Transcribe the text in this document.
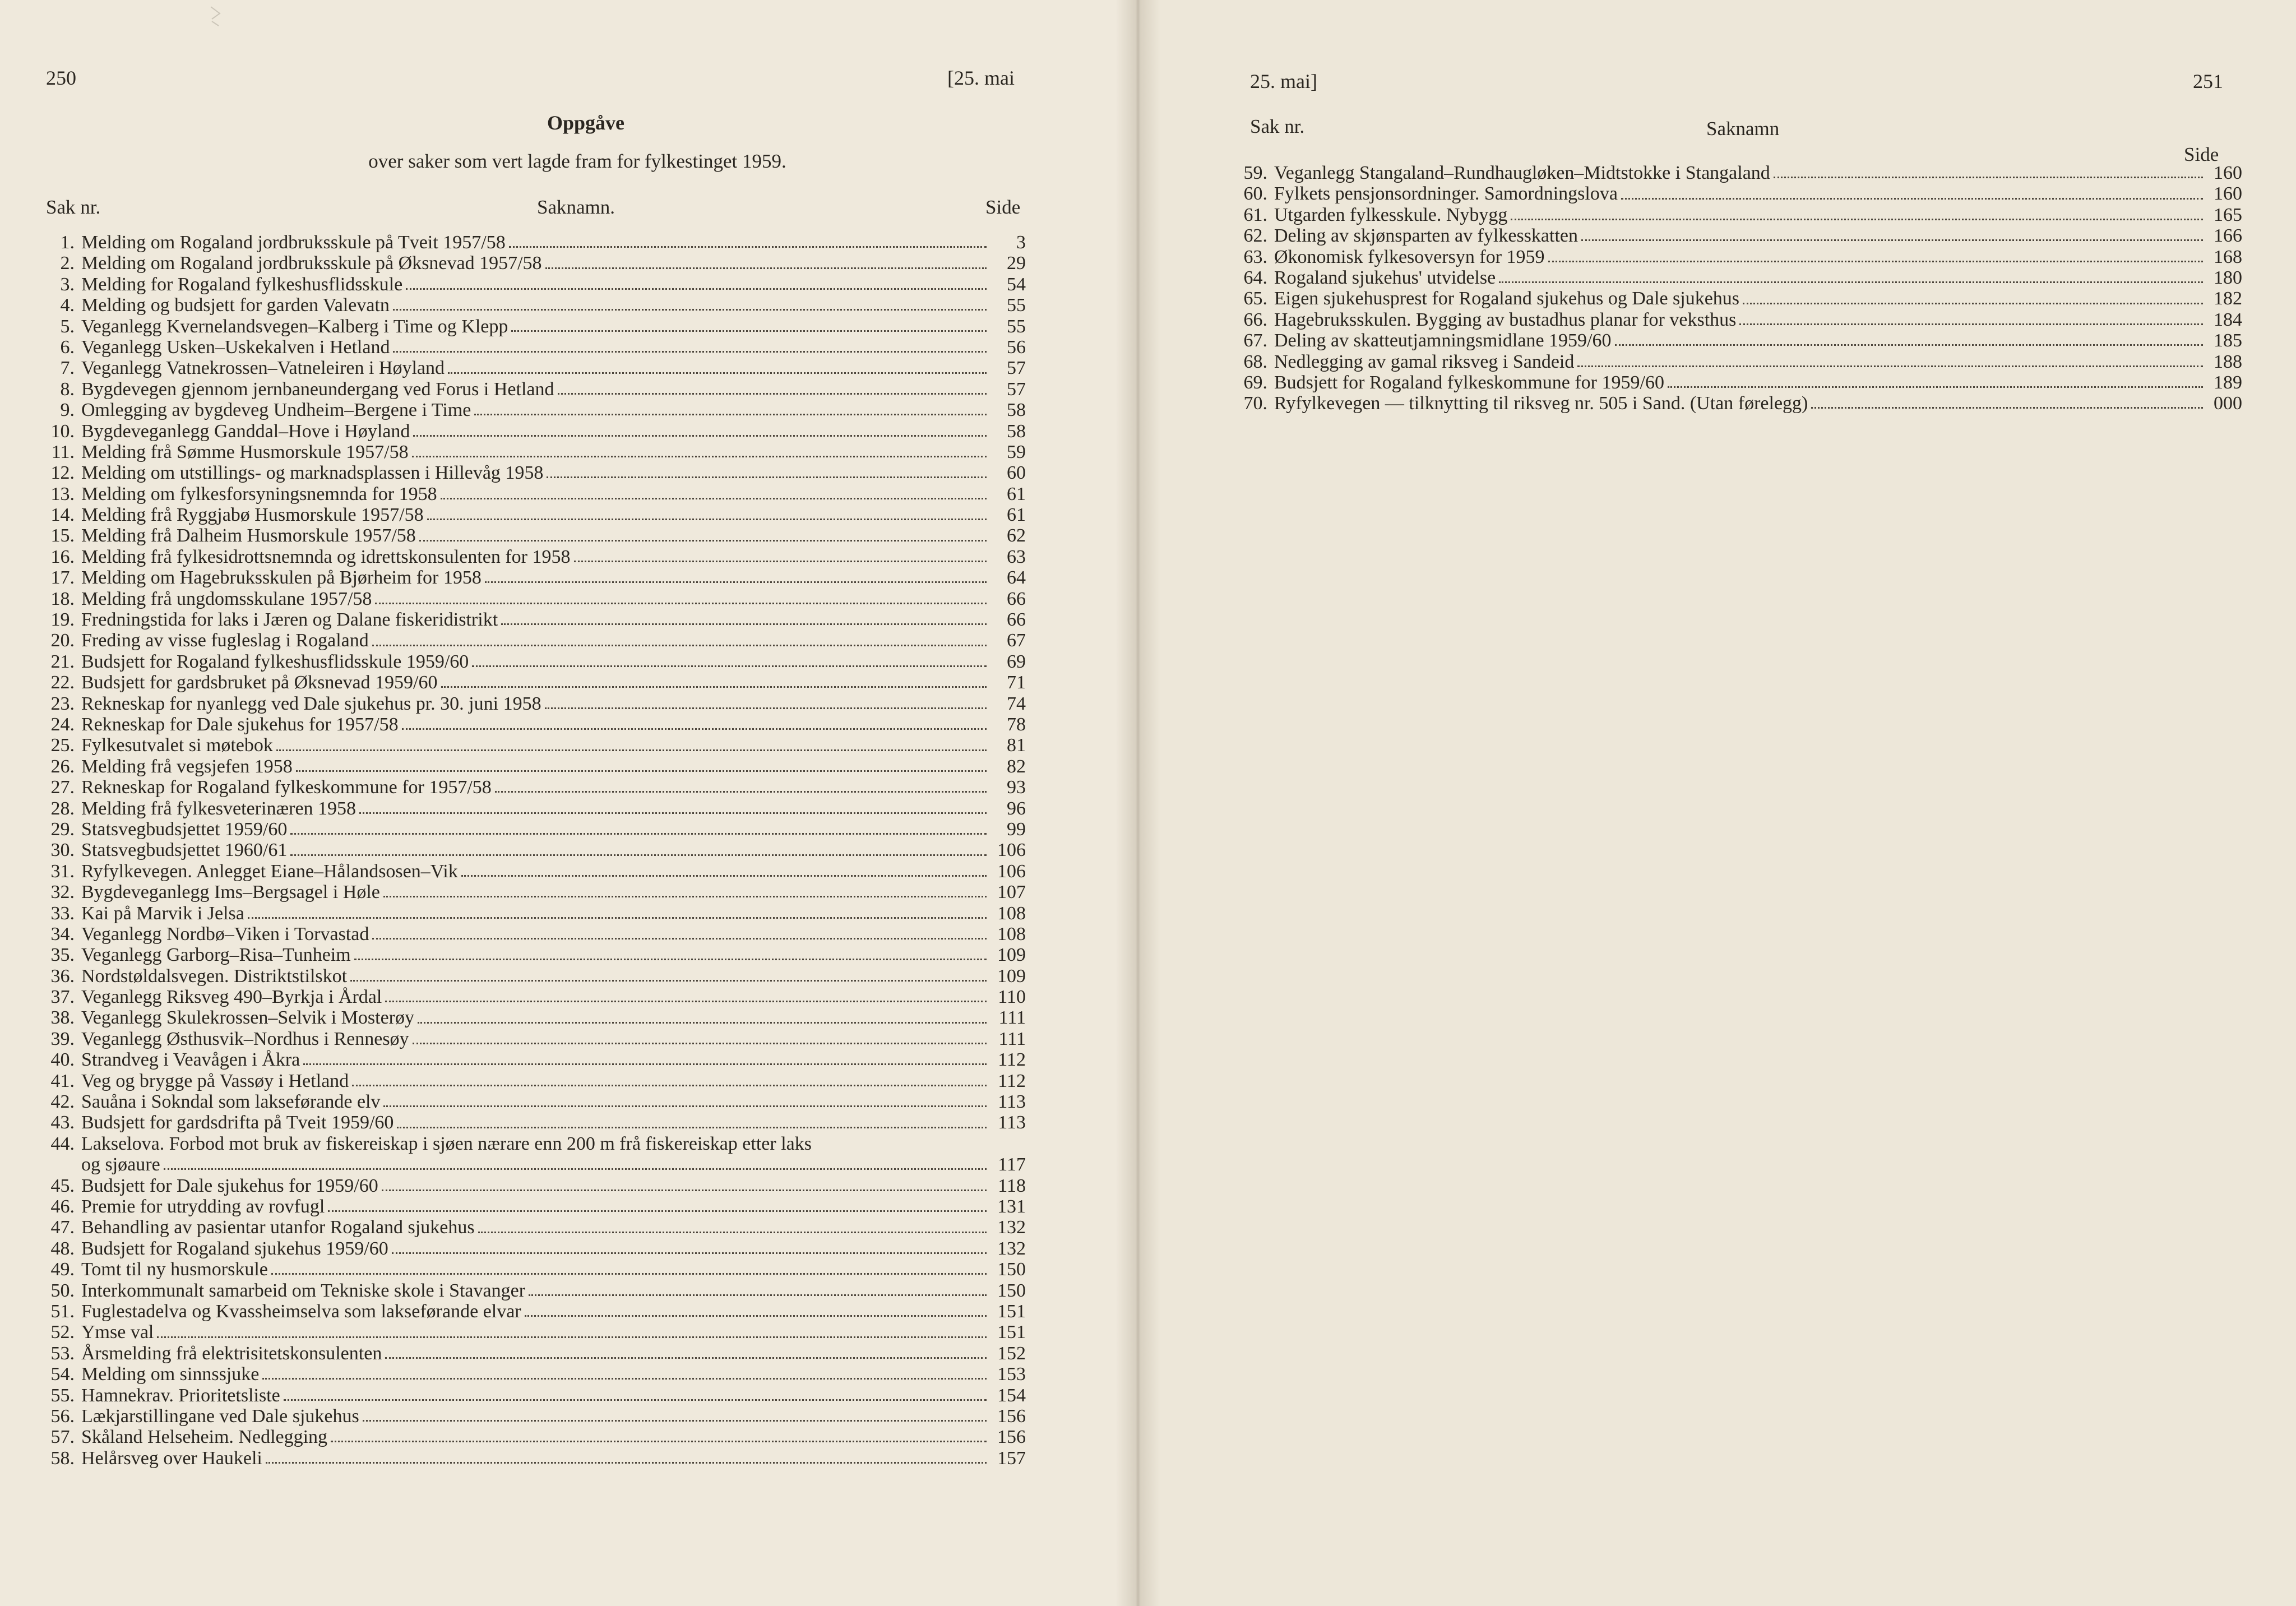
250	[25. mai
Oppgåve
over saker som vert lagde fram for fylkestinget 1959.
Sak nr.	Saknamn.	Side
1. Melding om Rogaland jordbruksskule på Tveit 1957/58	3
2. Melding om Rogaland jordbruksskule på Øksnevad 1957/58	29
3. Melding for Rogaland fylkeshusflidsskule	54
4. Melding og budsjett for garden Valevatn	55
5. Veganlegg Kvernelandsvegen–Kalberg i Time og Klepp	55
6. Veganlegg Usken–Uskekalven i Hetland	56
7. Veganlegg Vatnekrossen–Vatneleiren i Høyland	57
8. Bygdevegen gjennom jernbaneundergang ved Forus i Hetland	57
9. Omlegging av bygdeveg Undheim–Bergene i Time	58
10. Bygdeveganlegg Ganddal–Hove i Høyland	58
11. Melding frå Sømme Husmorskule 1957/58	59
12. Melding om utstillings- og marknadsplassen i Hillevåg 1958	60
13. Melding om fylkesforsyningsnemnda for 1958	61
14. Melding frå Ryggjabø Husmorskule 1957/58	61
15. Melding frå Dalheim Husmorskule 1957/58	62
16. Melding frå fylkesidrottsnemnda og idrettskonsulenten for 1958	63
17. Melding om Hagebruksskulen på Bjørheim for 1958	64
18. Melding frå ungdomsskulane 1957/58	66
19. Fredningstida for laks i Jæren og Dalane fiskeridistrikt	66
20. Freding av visse fugleslag i Rogaland	67
21. Budsjett for Rogaland fylkeshusflidsskule 1959/60	69
22. Budsjett for gardsbruket på Øksnevad 1959/60	71
23. Rekneskap for nyanlegg ved Dale sjukehus pr. 30. juni 1958	74
24. Rekneskap for Dale sjukehus for 1957/58	78
25. Fylkesutvalet si møtebok	81
26. Melding frå vegsjefen 1958	82
27. Rekneskap for Rogaland fylkeskommune for 1957/58	93
28. Melding frå fylkesveterinæren 1958	96
29. Statsvegbudsjettet 1959/60	99
30. Statsvegbudsjettet 1960/61	106
31. Ryfylkevegen. Anlegget Eiane–Hålandsosen–Vik	106
32. Bygdeveganlegg Ims–Bergsagel i Høle	107
33. Kai på Marvik i Jelsa	108
34. Veganlegg Nordbø–Viken i Torvastad	108
35. Veganlegg Garborg–Risa–Tunheim	109
36. Nordstøldalsvegen. Distriktstilskot	109
37. Veganlegg Riksveg 490–Byrkja i Årdal	110
38. Veganlegg Skulekrossen–Selvik i Mosterøy	111
39. Veganlegg Østhusvik–Nordhus i Rennesøy	111
40. Strandveg i Veavågen i Åkra	112
41. Veg og brygge på Vassøy i Hetland	112
42. Sauåna i Sokndal som lakseførande elv	113
43. Budsjett for gardsdrifta på Tveit 1959/60	113
44. Lakselova. Forbod mot bruk av fiskereiskap i sjøen nærare enn 200 m frå fiskereiskap etter laks
og sjøaure	117
45. Budsjett for Dale sjukehus for 1959/60	118
46. Premie for utrydding av rovfugl	131
47. Behandling av pasientar utanfor Rogaland sjukehus	132
48. Budsjett for Rogaland sjukehus 1959/60	132
49. Tomt til ny husmorskule	150
50. Interkommunalt samarbeid om Tekniske skole i Stavanger	150
51. Fuglestadelva og Kvassheimselva som lakseførande elvar	151
52. Ymse val	151
53. Årsmelding frå elektrisitetskonsulenten	152
54. Melding om sinnssjuke	153
55. Hamnekrav. Prioritetsliste	154
56. Lækjarstillingane ved Dale sjukehus	156
57. Skåland Helseheim. Nedlegging	156
58. Helårsveg over Haukeli	157
25. mai]	251
Sak nr.	Saknamn
Side
59. Veganlegg Stangaland–Rundhaugløken–Midtstokke i Stangaland	160
60. Fylkets pensjonsordninger. Samordningslova	160
61. Utgarden fylkesskule. Nybygg	165
62. Deling av skjønsparten av fylkesskatten	166
63. Økonomisk fylkesoversyn for 1959	168
64. Rogaland sjukehus' utvidelse	180
65. Eigen sjukehusprest for Rogaland sjukehus og Dale sjukehus	182
66. Hagebruksskulen. Bygging av bustadhus planar for veksthus	184
67. Deling av skatteutjamningsmidlane 1959/60	185
68. Nedlegging av gamal riksveg i Sandeid	188
69. Budsjett for Rogaland fylkeskommune for 1959/60	189
70. Ryfylkevegen — tilknytting til riksveg nr. 505 i Sand. (Utan førelegg)	000
